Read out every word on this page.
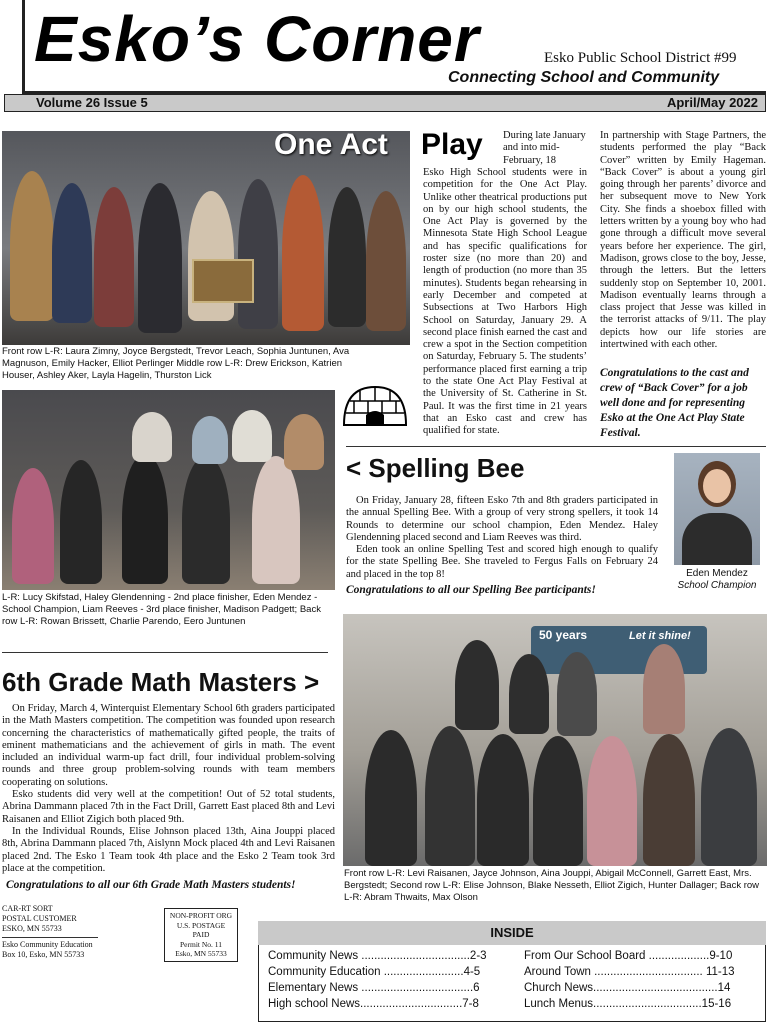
Esko’s Corner	Esko Public School District #99
Connecting School and Community
Volume 26 Issue 5	April/May 2022
One Act Play
Front row L-R: Laura Zimny, Joyce Bergstedt, Trevor Leach, Sophia Juntunen, Ava Magnuson, Emily Hacker, Elliot Perlinger Middle row L-R: Drew Erickson, Katrien Houser, Ashley Aker, Layla Hagelin, Thurston Lick
During late January and into mid-February, 18
Esko High School students were in competition for the One Act Play. Unlike other theatrical productions put on by our high school students, the One Act Play is governed by the Minnesota State High School League and has specific qualifications for roster size (no more than 20) and length of production (no more than 35 minutes). Students began rehearsing in early December and competed at Subsections at Two Harbors High School on Saturday, January 29. A second place finish earned the cast and crew a spot in the Section competition on Saturday, February 5. The students’ performance placed first earning a trip to the state One Act Play Festival at the University of St. Catherine in St. Paul. It was the first time in 21 years that an Esko cast and crew has qualified for state.
In partnership with Stage Partners, the students performed the play “Back Cover” written by Emily Hageman. “Back Cover” is about a young girl going through her parents’ divorce and her subsequent move to New York City. She finds a shoebox filled with letters written by a young boy who had gone through a difficult move several years before her experience. The girl, Madison, grows close to the boy, Jesse, through the letters. But the letters suddenly stop on September 10, 2001. Madison eventually learns through a class project that Jesse was killed in the terrorist attacks of 9/11. The play depicts how our life stories are intertwined with each other.
Congratulations to the cast and crew of “Back Cover” for a job well done and for representing Esko at the One Act Play State Festival.
L-R: Lucy Skifstad, Haley Glendenning - 2nd place finisher, Eden Mendez - School Champion, Liam Reeves - 3rd place finisher, Madison Padgett; Back row L-R: Rowan Brissett, Charlie Parendo, Eero Juntunen
< Spelling Bee

On Friday, January 28, fifteen Esko 7th and 8th graders participated in the annual Spelling Bee. With a group of very strong spellers, it took 14 Rounds to determine our school champion, Eden Mendez. Haley Glendenning placed second and Liam Reeves was third.

Eden took an online Spelling Test and scored high enough to qualify for the state Spelling Bee. She traveled to Fergus Falls on February 24 and placed in the top 8!

Congratulations to all our Spelling Bee participants!
Eden Mendez
School Champion
6th Grade Math Masters >

On Friday, March 4, Winterquist Elementary School 6th graders participated in the Math Masters competition. The competition was founded upon research concerning the characteristics of mathematically gifted people, the traits of eminent mathematicians and the achievement of girls in math. The event included an individual warm-up fact drill, four individual problem-solving rounds and three group problem-solving rounds with team members cooperating on solutions.

Esko students did very well at the competition! Out of 52 total students, Abrina Dammann placed 7th in the Fact Drill, Garrett East placed 8th and Levi Raisanen and Elliot Zigich both placed 9th.

In the Individual Rounds, Elise Johnson placed 13th, Aina Jouppi placed 8th, Abrina Dammann placed 7th, Aislynn Mock placed 4th and Levi Raisanen placed 2nd. The Esko 1 Team took 4th place and the Esko 2 Team took 3rd place at the competition.

Congratulations to all our 6th Grade Math Masters students!
50 years	Let it shine!
Front row L-R: Levi Raisanen, Jayce Johnson, Aina Jouppi, Abigail McConnell, Garrett East, Mrs. Bergstedt; Second row L-R: Elise Johnson, Blake Nesseth, Elliot Zigich, Hunter Dallager; Back row L-R: Abram Thwaits, Max Olson
CAR-RT SORT
POSTAL CUSTOMER
ESKO, MN 55733
Esko Community Education
Box 10, Esko, MN 55733
NON-PROFIT ORG
U.S. POSTAGE
PAID
Permit No. 11
Esko, MN 55733
INSIDE
Community News ..................................2-3
Community Education .........................4-5
Elementary News ...................................6
High school News................................7-8
From Our School Board ...................9-10
Around Town .................................. 11-13
Church News.......................................14
Lunch Menus..................................15-16
